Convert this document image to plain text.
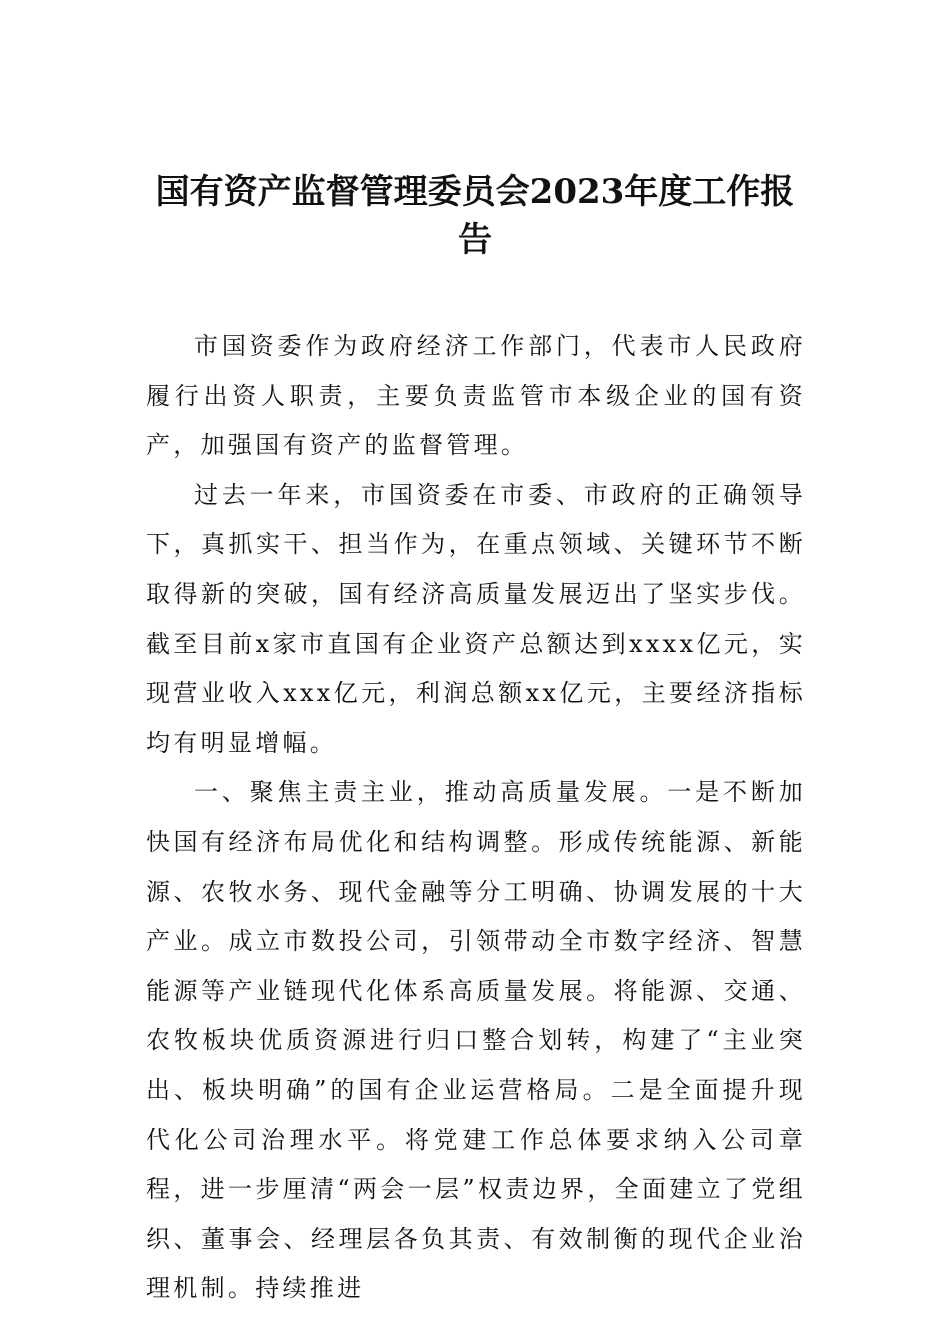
国有资产监督管理委员会2023年度工作报告

市国资委作为政府经济工作部门，代表市人民政府履行出资人职责，主要负责监管市本级企业的国有资产，加强国有资产的监督管理。

过去一年来，市国资委在市委、市政府的正确领导下，真抓实干、担当作为，在重点领域、关键环节不断取得新的突破，国有经济高质量发展迈出了坚实步伐。截至目前x家市直国有企业资产总额达到xxxx亿元，实现营业收入xxx亿元，利润总额xx亿元，主要经济指标均有明显增幅。

一、聚焦主责主业，推动高质量发展。一是不断加快国有经济布局优化和结构调整。形成传统能源、新能源、农牧水务、现代金融等分工明确、协调发展的十大产业。成立市数投公司，引领带动全市数字经济、智慧能源等产业链现代化体系高质量发展。将能源、交通、农牧板块优质资源进行归口整合划转，构建了“主业突出、板块明确”的国有企业运营格局。二是全面提升现代化公司治理水平。将党建工作总体要求纳入公司章程，进一步厘清“两会一层”权责边界，全面建立了党组织、董事会、经理层各负其责、有效制衡的现代企业治理机制。持续推进
